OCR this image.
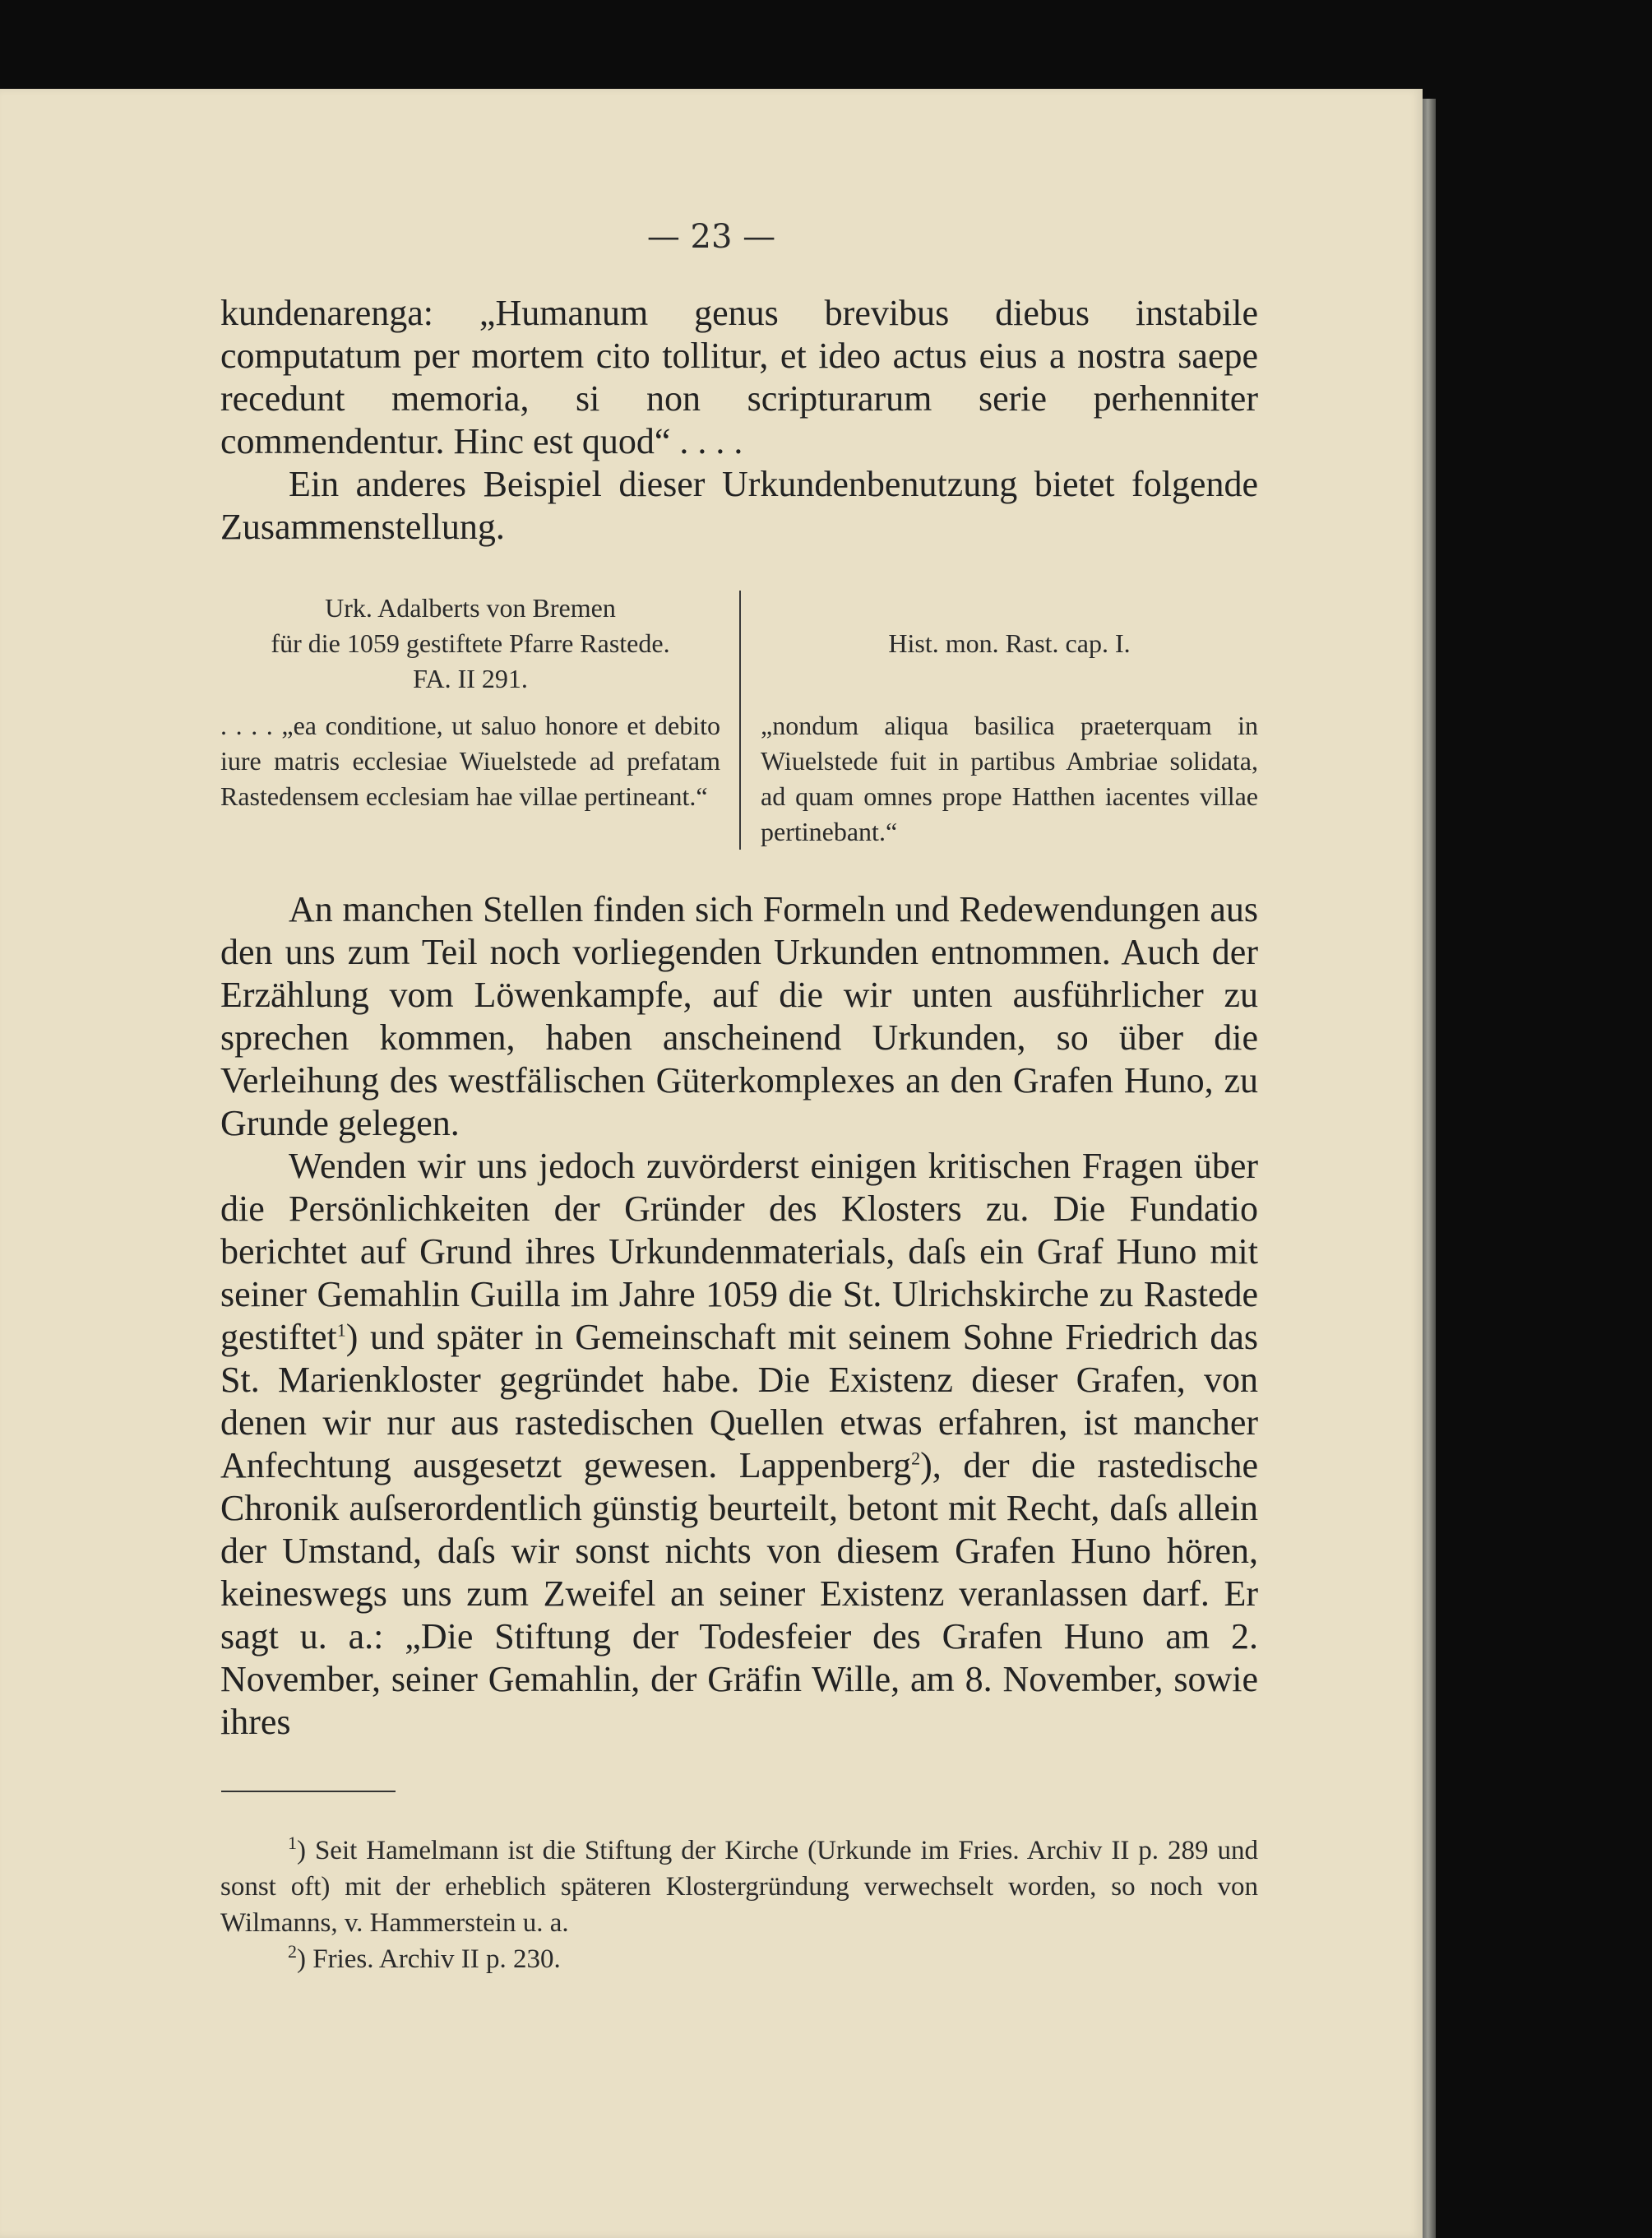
— 23 —

kundenarenga: „Humanum genus brevibus diebus instabile computatum per mortem cito tollitur, et ideo actus eius a nostra saepe recedunt memoria, si non scripturarum serie perhenniter commendentur. Hinc est quod“ . . . .

Ein anderes Beispiel dieser Urkundenbenutzung bietet folgende Zusammenstellung.

Urk. Adalberts von Bremen
für die 1059 gestiftete Pfarre Rastede.
FA. II 291.
. . . . „ea conditione, ut saluo honore et debito iure matris ecclesiae Wiuelstede ad prefatam Rastedensem ecclesiam hae villae pertineant.“
Hist. mon. Rast. cap. I.
„nondum aliqua basilica praeterquam in Wiuelstede fuit in partibus Ambriae solidata, ad quam omnes prope Hatthen iacentes villae pertinebant.“

An manchen Stellen finden sich Formeln und Redewendungen aus den uns zum Teil noch vorliegenden Urkunden entnommen. Auch der Erzählung vom Löwenkampfe, auf die wir unten ausführlicher zu sprechen kommen, haben anscheinend Urkunden, so über die Verleihung des westfälischen Güterkomplexes an den Grafen Huno, zu Grunde gelegen.

Wenden wir uns jedoch zuvörderst einigen kritischen Fragen über die Persönlichkeiten der Gründer des Klosters zu. Die Fundatio berichtet auf Grund ihres Urkundenmaterials, daſs ein Graf Huno mit seiner Gemahlin Guilla im Jahre 1059 die St. Ulrichskirche zu Rastede gestiftet$^1$) und später in Gemeinschaft mit seinem Sohne Friedrich das St. Marienkloster gegründet habe. Die Existenz dieser Grafen, von denen wir nur aus rastedischen Quellen etwas erfahren, ist mancher Anfechtung ausgesetzt gewesen. Lappenberg$^2$), der die rastedische Chronik auſserordentlich günstig beurteilt, betont mit Recht, daſs allein der Umstand, daſs wir sonst nichts von diesem Grafen Huno hören, keineswegs uns zum Zweifel an seiner Existenz veranlassen darf. Er sagt u. a.: „Die Stiftung der Todesfeier des Grafen Huno am 2. November, seiner Gemahlin, der Gräfin Wille, am 8. November, sowie ihres

$^1$) Seit Hamelmann ist die Stiftung der Kirche (Urkunde im Fries. Archiv II p. 289 und sonst oft) mit der erheblich späteren Klostergründung verwechselt worden, so noch von Wilmanns, v. Hammerstein u. a.

$^2$) Fries. Archiv II p. 230.
